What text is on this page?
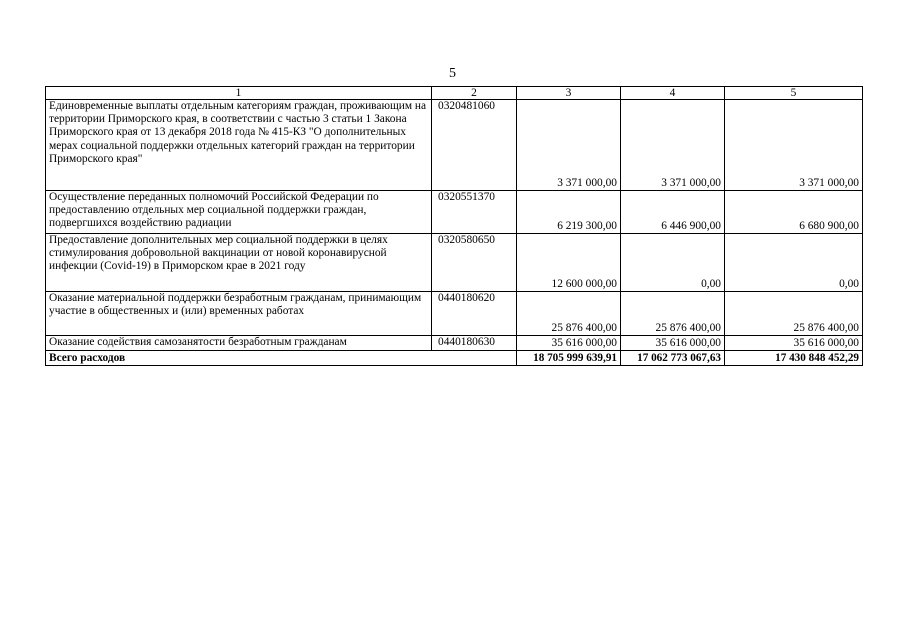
5
1	2	3	4	5
Единовременные выплаты отдельным категориям граждан, проживающим на территории Приморского края, в соответствии с частью 3 статьи 1 Закона Приморского края от 13 декабря 2018 года № 415-КЗ "О дополнительных мерах социальной поддержки отдельных категорий граждан на территории Приморского края"	0320481060	3 371 000,00	3 371 000,00	3 371 000,00
Осуществление переданных полномочий Российской Федерации по предоставлению отдельных мер социальной поддержки граждан, подвергшихся воздействию радиации	0320551370	6 219 300,00	6 446 900,00	6 680 900,00
Предоставление дополнительных мер социальной поддержки в целях стимулирования добровольной вакцинации от новой коронавирусной инфекции (Covid-19) в Приморском крае в 2021 году	0320580650	12 600 000,00	0,00	0,00
Оказание материальной поддержки безработным гражданам, принимающим участие в общественных и (или) временных работах	0440180620	25 876 400,00	25 876 400,00	25 876 400,00
Оказание содействия самозанятости безработным гражданам	0440180630	35 616 000,00	35 616 000,00	35 616 000,00
Всего расходов		18 705 999 639,91	17 062 773 067,63	17 430 848 452,29
